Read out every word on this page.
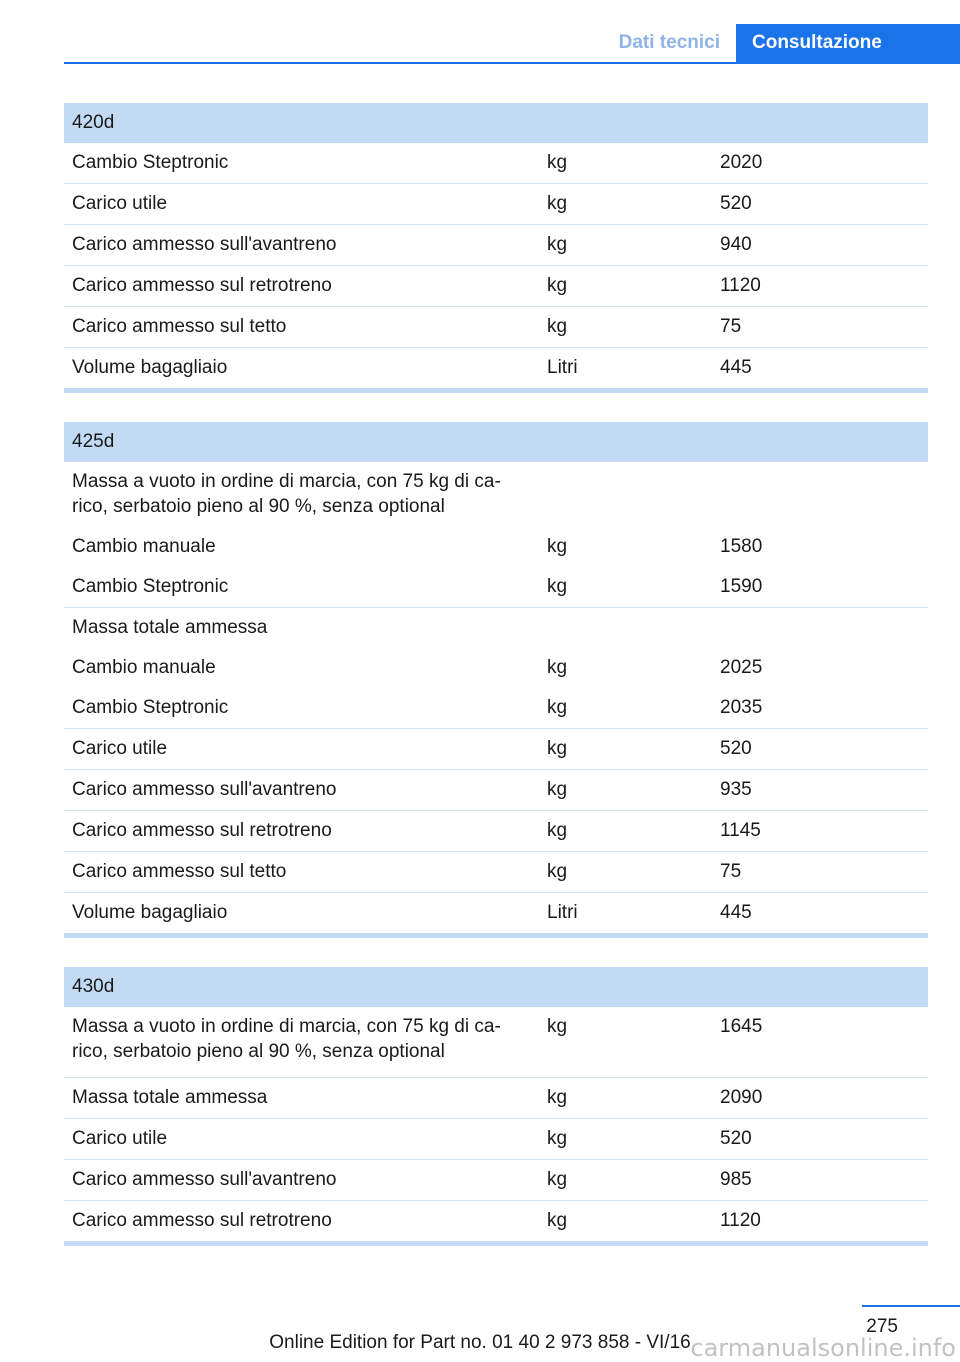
Dati tecnici	Consultazione
420d		
Cambio Steptronic	kg	2020
Carico utile	kg	520
Carico ammesso sull'avantreno	kg	940
Carico ammesso sul retrotreno	kg	1120
Carico ammesso sul tetto	kg	75
Volume bagagliaio	Litri	445
425d		
Massa a vuoto in ordine di marcia, con 75 kg di ca-
rico, serbatoio pieno al 90 %, senza optional		
Cambio manuale	kg	1580
Cambio Steptronic	kg	1590
Massa totale ammessa		
Cambio manuale	kg	2025
Cambio Steptronic	kg	2035
Carico utile	kg	520
Carico ammesso sull'avantreno	kg	935
Carico ammesso sul retrotreno	kg	1145
Carico ammesso sul tetto	kg	75
Volume bagagliaio	Litri	445
430d		
Massa a vuoto in ordine di marcia, con 75 kg di ca-
rico, serbatoio pieno al 90 %, senza optional	kg	1645
Massa totale ammessa	kg	2090
Carico utile	kg	520
Carico ammesso sull'avantreno	kg	985
Carico ammesso sul retrotreno	kg	1120
275
Online Edition for Part no. 01 40 2 973 858 - VI/16 carmanualsonline.info
